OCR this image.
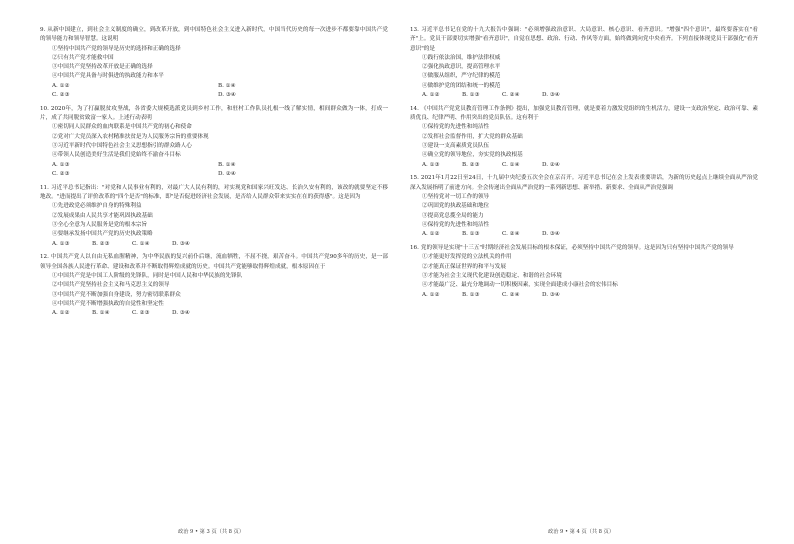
9. 从新中国建立，到社会主义制度的确立，到改革开放，到中国特色社会主义进入新时代，中国当代历史的每一次进步不都要靠中国共产党的领导能力和领导智慧。这说明
①坚持中国共产党的领导是历史的选择和正确的选择
②只有共产党才能救中国
③中国共产党坚持改革开放是正确的选择
④中国共产党具备与时俱进的执政能力和本平
A. ①②	B. ①④
C. ②③	D. ③④
10. 2020年，为了打赢脱贫攻坚战，各省委大规模选派党员到乡村工作，和驻村工作队员扎根一线了解实情，相间群众做为一体，打成一片，成了共同脱贫致富一家人。上述行动表明
①密切同人民群众的血肉联系是中国共产党的初心和使命
②党对广大党员深入农村精准扶贫是为人民服务宗旨的重要体现
③习近平新时代中国特色社会主义思想指引的群众路人心
④带领人民创造美好生活是我们党始终不渝奋斗目标
A. ①③	B. ①④
C. ②③	D. ②④
11. 习近平总书记指出："对党和人民事业有利的，对最广大人民有利的，对实现党和国家兴旺发达、长治久安有利的，该改的就要坚定不移地改。"进而提出了评价改革的"四个是否"的标准，即"是否促进经济社会发展，是否给人民群众带来实实在在的获得感"。这是因为
①先进政党必须维护自身的特殊利益
②发展成果由人民共享才能巩固执政基础
③全心全意为人民服务是党的根本宗旨
④要继承发扬中国共产党的历史执政策略
A. ①③	B. ②③	C. ①④	D. ③④
12. 中国共产党人以自由无私血腥精神，为中华民族的复兴前仆后继，流血牺牲，不屈不挠，艰苦奋斗。中国共产党90多年的历史，是一部领导全国各族人民进行革命、建设和改革并不断取得辉煌成就的历史。中国共产党能够取得辉煌成就，根本原因在于
①中国共产党是中国工人阶级的先锋队，同时是中国人民和中华民族的先锋队
②中国共产党坚持社会主义和马克思主义的领导
③中国共产党不断加强自身建设，努力密切联系群众
④中国共产党不断增强执政的自觉性和坚定性
A. ①②	B. ①④	C. ②③	D. ③④
13. 习近平总书记在党的十九大报告中强调："必须增强政治意识、大局意识、核心意识、看齐意识。"增强"四个意识"，最终要落实在"看齐"上。党员干部要切实增强"看齐意识"，自觉在思想、政治、行动、作风等方面，始终做到向党中央看齐。下列直接体现党员干部强化"看齐意识"的是
①践行依法治国，维护法律权威
②强化执政意识，提高管理水平
③做服从组织，严守纪律的模范
④做维护党的团结和统一的模范
A. ①②	B. ①③	C. ②④	D. ③④
14. 《中国共产党党员教育管理工作条例》提出，加强党员教育管理，就是要着力激发党组织的生机活力，建设一支政治坚定、政治可靠、素质优良、纪律严明、作用突出的党员队伍。这有利于
①保持党的先进性和纯洁性
②发挥社会监督作用，扩大党的群众基础
③建设一支高素质党员队伍
④确立党的领导地位，夯实党的执政根基
A. ①③	B. ②③	C. ①④	D. ②④
15. 2021年1月22日至24日，十九届中央纪委五次全会在京召开。习近平总书记在会上发表重要讲话，为新的历史起点上继续全面从严治党深入发展指明了前进方向。全会传递出全面从严治党的一系列新思想、新举措、新要求、全面从严治党强调
①坚持党对一切工作的领导
②巩固党的执政基础和地位
③提高党总揽全局的能力
④保持党的先进性和纯洁性
A. ①②	B. ①③	C. ②④	D. ③④
16. 党的领导是实现"十三五"时期经济社会发展目标的根本保证，必须坚持中国共产党的领导。这是因为只有坚持中国共产党的领导
①才能更好发挥党的立法机关的作用
②才能真正保证世界的和平与发展
③才能为社会主义现代化建设创造稳定、和谐的社会环境
④才能最广泛、最充分地调动一切积极因素，实现全面建成小康社会的宏伟目标
A. ①②	B. ①③	C. ②④	D. ③④
政治 9 • 第 3 页（共 8 页）	政治 9 • 第 4 页（共 8 页）
